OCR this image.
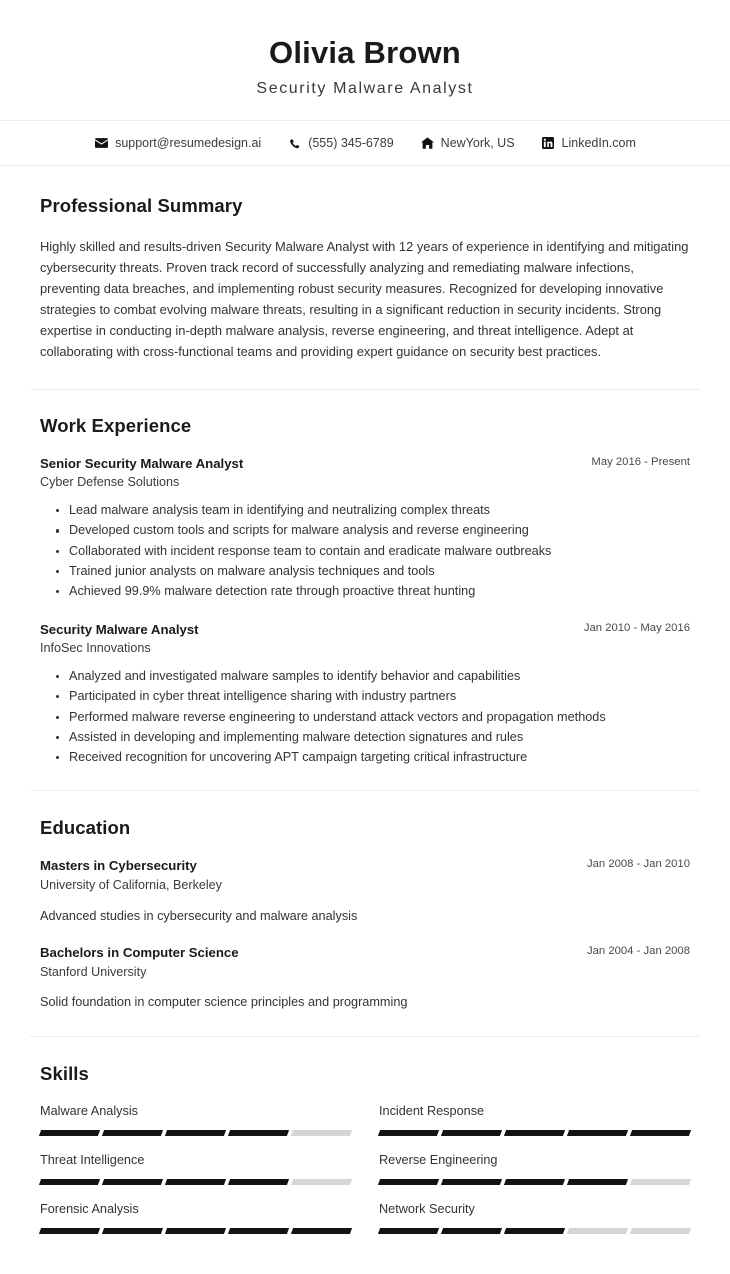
Olivia Brown
Security Malware Analyst
support@resumedesign.ai	(555) 345-6789	NewYork, US	LinkedIn.com
Professional Summary

Highly skilled and results-driven Security Malware Analyst with 12 years of experience in identifying and mitigating cybersecurity threats. Proven track record of successfully analyzing and remediating malware infections, preventing data breaches, and implementing robust security measures. Recognized for developing innovative strategies to combat evolving malware threats, resulting in a significant reduction in security incidents. Strong expertise in conducting in-depth malware analysis, reverse engineering, and threat intelligence. Adept at collaborating with cross-functional teams and providing expert guidance on security best practices.

Work Experience
Senior Security Malware Analyst	May 2016 - Present
Cyber Defense Solutions
Lead malware analysis team in identifying and neutralizing complex threats
Developed custom tools and scripts for malware analysis and reverse engineering
Collaborated with incident response team to contain and eradicate malware outbreaks
Trained junior analysts on malware analysis techniques and tools
Achieved 99.9% malware detection rate through proactive threat hunting
Security Malware Analyst	Jan 2010 - May 2016
InfoSec Innovations
Analyzed and investigated malware samples to identify behavior and capabilities
Participated in cyber threat intelligence sharing with industry partners
Performed malware reverse engineering to understand attack vectors and propagation methods
Assisted in developing and implementing malware detection signatures and rules
Received recognition for uncovering APT campaign targeting critical infrastructure
Education
Masters in Cybersecurity	Jan 2008 - Jan 2010
University of California, Berkeley
Advanced studies in cybersecurity and malware analysis
Bachelors in Computer Science	Jan 2004 - Jan 2008
Stanford University
Solid foundation in computer science principles and programming
Skills
Malware Analysis	Incident Response
Threat Intelligence	Reverse Engineering
Forensic Analysis	Network Security
